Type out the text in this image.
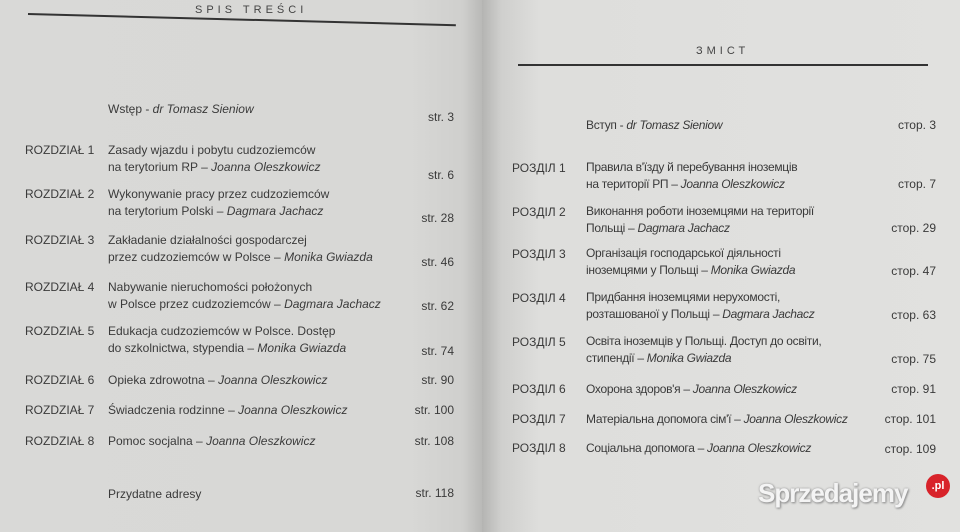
SPIS TREŚCI
Wstęp - dr Tomasz Sieniow
str. 3
ROZDZIAŁ 1 Zasady wjazdu i pobytu cudzoziemców
na terytorium RP – Joanna Oleszkowicz
str. 6
ROZDZIAŁ 2 Wykonywanie pracy przez cudzoziemców
na terytorium Polski – Dagmara Jachacz	str. 28
ROZDZIAŁ 3 Zakładanie działalności gospodarczej
przez cudzoziemców w Polsce – Monika Gwiazda	str. 46
ROZDZIAŁ 4 Nabywanie nieruchomości położonych
w Polsce przez cudzoziemców – Dagmara Jachacz	str. 62
ROZDZIAŁ 5 Edukacja cudzoziemców w Polsce. Dostęp
do szkolnictwa, stypendia – Monika Gwiazda	str. 74
ROZDZIAŁ 6 Opieka zdrowotna – Joanna Oleszkowicz	str. 90
ROZDZIAŁ 7 Świadczenia rodzinne – Joanna Oleszkowicz	str. 100
ROZDZIAŁ 8 Pomoc socjalna – Joanna Oleszkowicz	str. 108
Przydatne adresy	str. 118
ЗМІСТ
Вступ - dr Tomasz Sieniow	стор. 3
РОЗДІЛ 1 Правила в'їзду й перебування іноземців
на території РП – Joanna Oleszkowicz	стор. 7
РОЗДІЛ 2 Виконання роботи іноземцями на території
Польщі – Dagmara Jachacz	стор. 29
РОЗДІЛ 3 Організація господарської діяльності
іноземцями у Польщі – Monika Gwiazda	стор. 47
РОЗДІЛ 4 Придбання іноземцями нерухомості,
розташованої у Польщі – Dagmara Jachacz	стор. 63
РОЗДІЛ 5 Освіта іноземців у Польщі. Доступ до освіти,
стипендії – Monika Gwiazda	стор. 75
РОЗДІЛ 6 Охорона здоров'я – Joanna Oleszkowicz	стор. 91
РОЗДІЛ 7 Матеріальна допомога сім'ї – Joanna Oleszkowicz	стор. 101
РОЗДІЛ 8 Соціальна допомога – Joanna Oleszkowicz	стор. 109
Sprzedajemy	.pl
